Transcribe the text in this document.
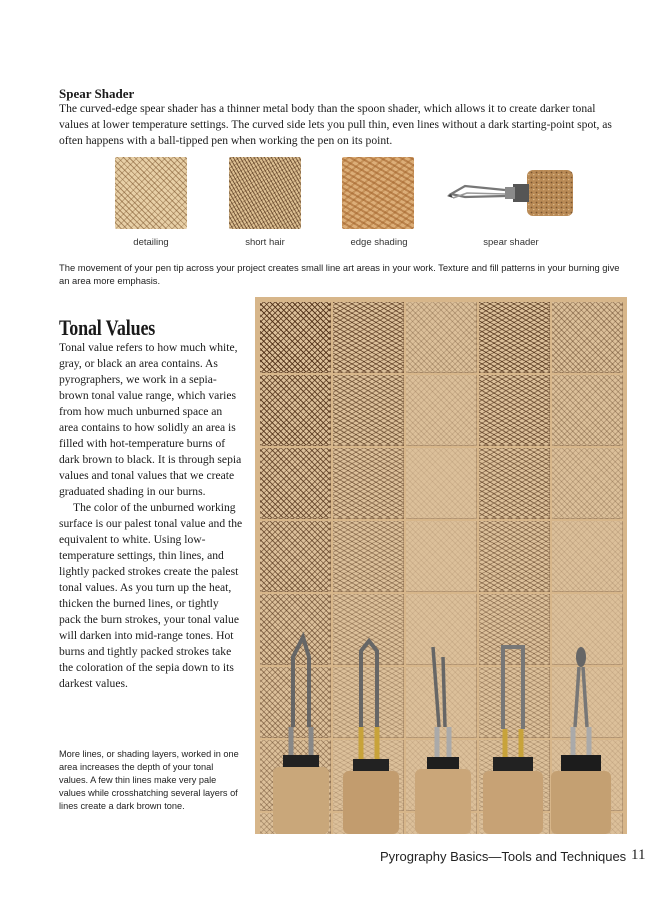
Spear Shader
The curved-edge spear shader has a thinner metal body than the spoon shader, which allows it to create darker tonal values at lower temperature settings. The curved side lets you pull thin, even lines without a dark starting-point spot, as often happens with a ball-tipped pen when working the pen on its point.
detailing	short hair	edge shading	spear shader
The movement of your pen tip across your project creates small line art areas in your work. Texture and fill patterns in your burning give an area more emphasis.
Tonal Values

Tonal value refers to how much white, gray, or black an area contains. As pyrographers, we work in a sepia-brown tonal value range, which varies from how much unburned space an area contains to how solidly an area is filled with hot-temperature burns of dark brown to black. It is through sepia values and tonal values that we create graduated shading in our burns.

The color of the unburned working surface is our palest tonal value and the equivalent to white. Using low-temperature settings, thin lines, and lightly packed strokes create the palest tonal values. As you turn up the heat, thicken the burned lines, or tightly pack the burn strokes, your tonal value will darken into mid-range tones. Hot burns and tightly packed strokes take the coloration of the sepia down to its darkest values.

More lines, or shading layers, worked in one area increases the depth of your tonal values. A few thin lines make very pale values while crosshatching several layers of lines create a dark brown tone.
Pyrography Basics—Tools and Techniques 11
